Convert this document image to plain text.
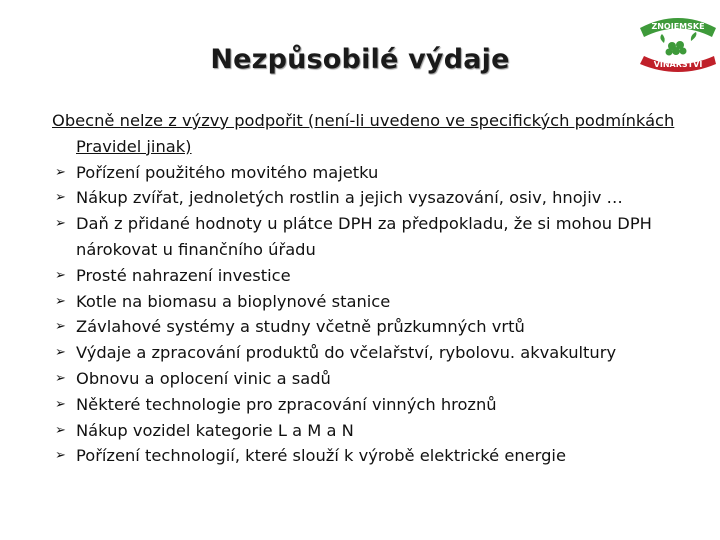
ZNOJEMSKÉ
VINAŘSTVÍ
Nezpůsobilé výdaje

Obecně nelze z výzvy podpořit (není-li uvedeno ve specifických podmínkách Pravidel jinak)

➢ Pořízení použitého movitého majetku
➢ Nákup zvířat, jednoletých rostlin a jejich vysazování, osiv, hnojiv …
➢ Daň z přidané hodnoty u plátce DPH za předpokladu, že si mohou DPH nárokovat u finančního úřadu
➢ Prosté nahrazení investice
➢ Kotle na biomasu a bioplynové stanice
➢ Závlahové systémy a studny včetně průzkumných vrtů
➢ Výdaje a zpracování produktů do včelařství, rybolovu. akvakultury
➢ Obnovu a oplocení vinic a sadů
➢ Některé technologie pro zpracování vinných hroznů
➢ Nákup vozidel kategorie L a M a N
➢ Pořízení technologií, které slouží k výrobě elektrické energie
